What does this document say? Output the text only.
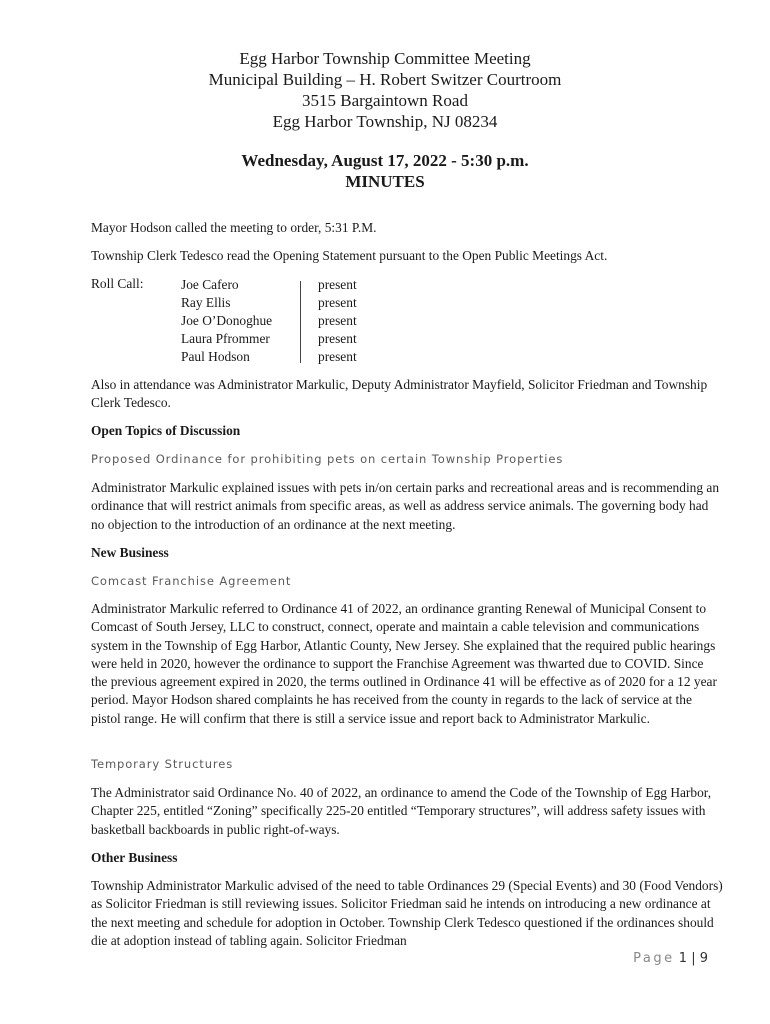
Egg Harbor Township Committee Meeting
Municipal Building – H. Robert Switzer Courtroom
3515 Bargaintown Road
Egg Harbor Township, NJ 08234
Wednesday, August 17, 2022 - 5:30 p.m.
MINUTES
Mayor Hodson called the meeting to order, 5:31 P.M.
Township Clerk Tedesco read the Opening Statement pursuant to the Open Public Meetings Act.
Roll Call:	Joe Cafero
Ray Ellis
Joe O’Donoghue
Laura Pfrommer
Paul Hodson
present
present
present
present
present
Also in attendance was Administrator Markulic, Deputy Administrator Mayfield, Solicitor Friedman and Township Clerk Tedesco.
Open Topics of Discussion
Proposed Ordinance for prohibiting pets on certain Township Properties
Administrator Markulic explained issues with pets in/on certain parks and recreational areas and is recommending an ordinance that will restrict animals from specific areas, as well as address service animals. The governing body had no objection to the introduction of an ordinance at the next meeting.
New Business
Comcast Franchise Agreement
Administrator Markulic referred to Ordinance 41 of 2022, an ordinance granting Renewal of Municipal Consent to Comcast of South Jersey, LLC to construct, connect, operate and maintain a cable television and communications system in the Township of Egg Harbor, Atlantic County, New Jersey. She explained that the required public hearings were held in 2020, however the ordinance to support the Franchise Agreement was thwarted due to COVID. Since the previous agreement expired in 2020, the terms outlined in Ordinance 41 will be effective as of 2020 for a 12 year period. Mayor Hodson shared complaints he has received from the county in regards to the lack of service at the pistol range. He will confirm that there is still a service issue and report back to Administrator Markulic.
Temporary Structures
The Administrator said Ordinance No. 40 of 2022, an ordinance to amend the Code of the Township of Egg Harbor, Chapter 225, entitled “Zoning” specifically 225-20 entitled “Temporary structures”, will address safety issues with basketball backboards in public right-of-ways.
Other Business
Township Administrator Markulic advised of the need to table Ordinances 29 (Special Events) and 30 (Food Vendors) as Solicitor Friedman is still reviewing issues. Solicitor Friedman said he intends on introducing a new ordinance at the next meeting and schedule for adoption in October. Township Clerk Tedesco questioned if the ordinances should die at adoption instead of tabling again. Solicitor Friedman
Page 1 | 9
